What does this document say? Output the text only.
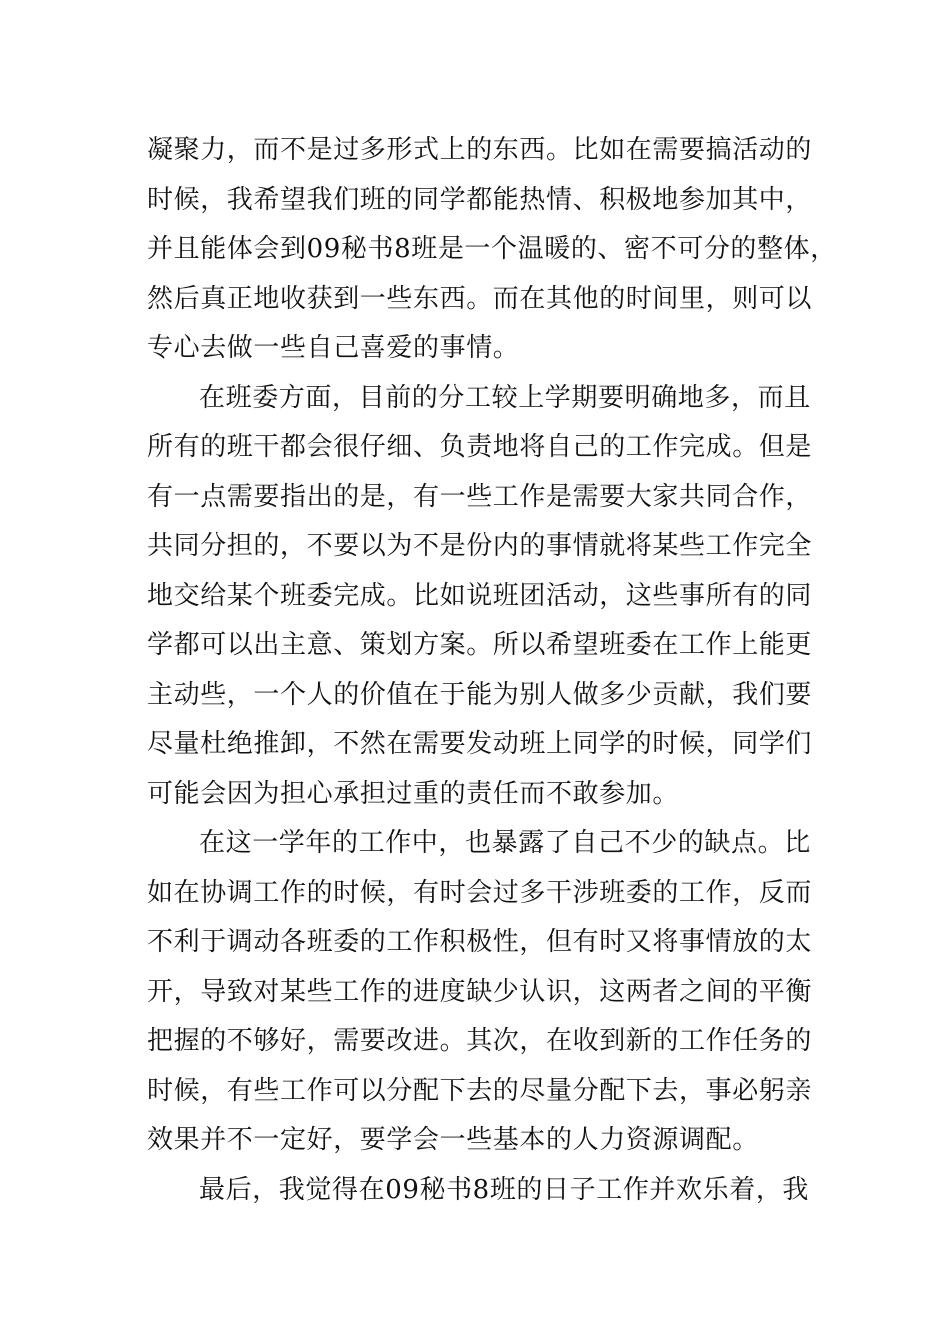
凝聚力，而不是过多形式上的东西。比如在需要搞活动的
时候，我希望我们班的同学都能热情、积极地参加其中，
并且能体会到09秘书8班是一个温暖的、密不可分的整体，
然后真正地收获到一些东西。而在其他的时间里，则可以
专心去做一些自己喜爱的事情。
在班委方面，目前的分工较上学期要明确地多，而且
所有的班干都会很仔细、负责地将自己的工作完成。但是
有一点需要指出的是，有一些工作是需要大家共同合作，
共同分担的，不要以为不是份内的事情就将某些工作完全
地交给某个班委完成。比如说班团活动，这些事所有的同
学都可以出主意、策划方案。所以希望班委在工作上能更
主动些，一个人的价值在于能为别人做多少贡献，我们要
尽量杜绝推卸，不然在需要发动班上同学的时候，同学们
可能会因为担心承担过重的责任而不敢参加。
在这一学年的工作中，也暴露了自己不少的缺点。比
如在协调工作的时候，有时会过多干涉班委的工作，反而
不利于调动各班委的工作积极性，但有时又将事情放的太
开，导致对某些工作的进度缺少认识，这两者之间的平衡
把握的不够好，需要改进。其次，在收到新的工作任务的
时候，有些工作可以分配下去的尽量分配下去，事必躬亲
效果并不一定好，要学会一些基本的人力资源调配。
最后，我觉得在09秘书8班的日子工作并欢乐着，我
